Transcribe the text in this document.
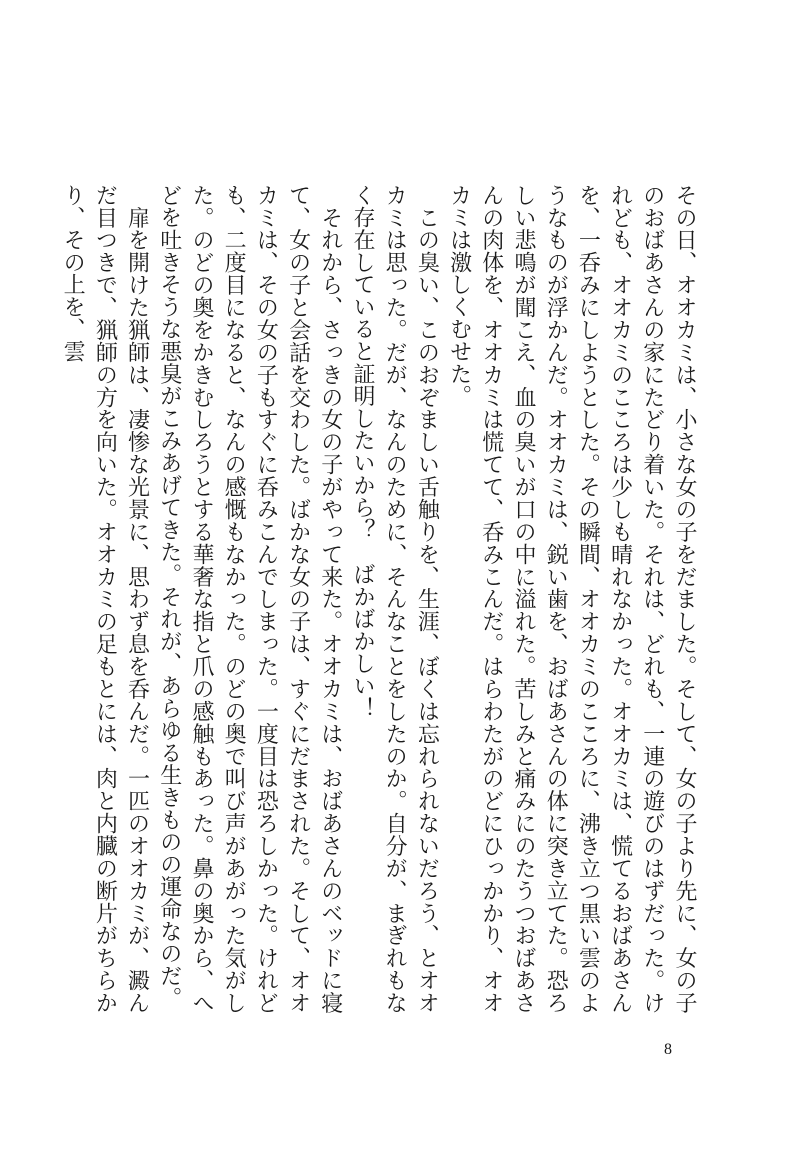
その日、オオカミは、小さな女の子をだました。そして、女の子より先に、女の子のおばあさんの家にたどり着いた。それは、どれも、一連の遊びのはずだった。けれども、オオカミのこころは少しも晴れなかった。オオカミは、慌てるおばあさんを、一呑みにしようとした。その瞬間、オオカミのこころに、沸き立つ黒い雲のようなものが浮かんだ。オオカミは、鋭い歯を、おばあさんの体に突き立てた。恐ろしい悲鳴が聞こえ、血の臭いが口の中に溢れた。苦しみと痛みにのたうつおばあさんの肉体を、オオカミは慌てて、呑みこんだ。はらわたがのどにひっかかり、オオカミは激しくむせた。

　この臭い、このおぞましい舌触りを、生涯、ぼくは忘れられないだろう、とオオカミは思った。だが、なんのために、そんなことをしたのか。自分が、まぎれもなく存在していると証明したいから？　ばかばかしい！

　それから、さっきの女の子がやって来た。オオカミは、おばあさんのベッドに寝て、女の子と会話を交わした。ばかな女の子は、すぐにだまされた。そして、オオカミは、その女の子もすぐに呑みこんでしまった。一度目は恐ろしかった。けれども、二度目になると、なんの感慨もなかった。のどの奥で叫び声があがった気がした。のどの奥をかきむしろうとする華奢な指と爪の感触もあった。鼻の奥から、へどを吐きそうな悪臭がこみあげてきた。それが、あらゆる生きものの運命なのだ。

　扉を開けた猟師は、凄惨な光景に、思わず息を呑んだ。一匹のオオカミが、澱んだ目つきで、猟師の方を向いた。オオカミの足もとには、肉と内臓の断片がちらかり、その上を、雲

8
